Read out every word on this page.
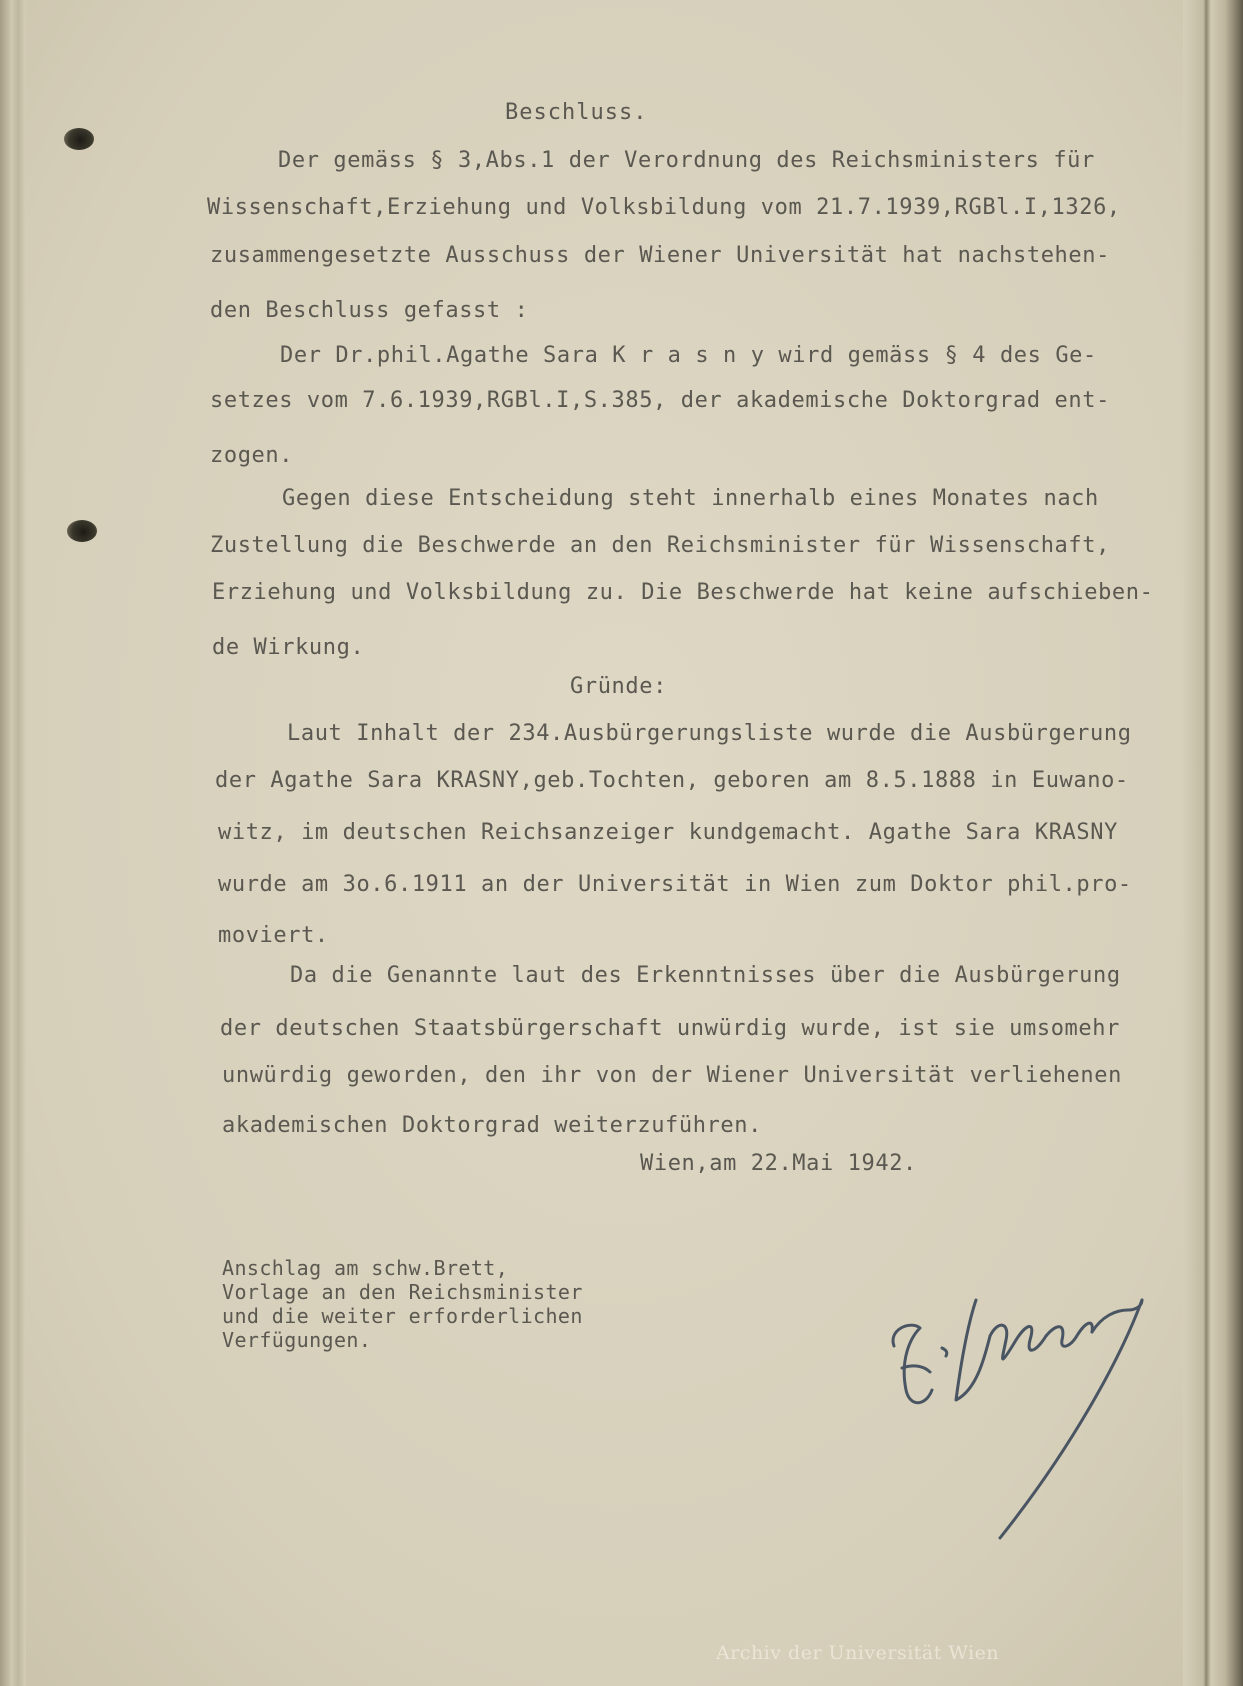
Beschluss.
Der gemäss § 3,Abs.1 der Verordnung des Reichsministers für
Wissenschaft,Erziehung und Volksbildung vom 21.7.1939,RGBl.I,1326,
zusammengesetzte Ausschuss der Wiener Universität hat nachstehen-
den Beschluss gefasst :
Der Dr.phil.Agathe Sara K r a s n y wird gemäss § 4 des Ge-
setzes vom 7.6.1939,RGBl.I,S.385, der akademische Doktorgrad ent-
zogen.
Gegen diese Entscheidung steht innerhalb eines Monates nach
Zustellung die Beschwerde an den Reichsminister für Wissenschaft,
Erziehung und Volksbildung zu. Die Beschwerde hat keine aufschieben-
de Wirkung.
Gründe:
Laut Inhalt der 234.Ausbürgerungsliste wurde die Ausbürgerung
der Agathe Sara KRASNY,geb.Tochten, geboren am 8.5.1888 in Euwano-
witz, im deutschen Reichsanzeiger kundgemacht. Agathe Sara KRASNY
wurde am 3o.6.1911 an der Universität in Wien zum Doktor phil.pro-
moviert.
Da die Genannte laut des Erkenntnisses über die Ausbürgerung
der deutschen Staatsbürgerschaft unwürdig wurde, ist sie umsomehr
unwürdig geworden, den ihr von der Wiener Universität verliehenen
akademischen Doktorgrad weiterzuführen.
Wien,am 22.Mai 1942.
Anschlag am schw.Brett,
Vorlage an den Reichsminister
und die weiter erforderlichen
Verfügungen.
Archiv der Universität Wien
